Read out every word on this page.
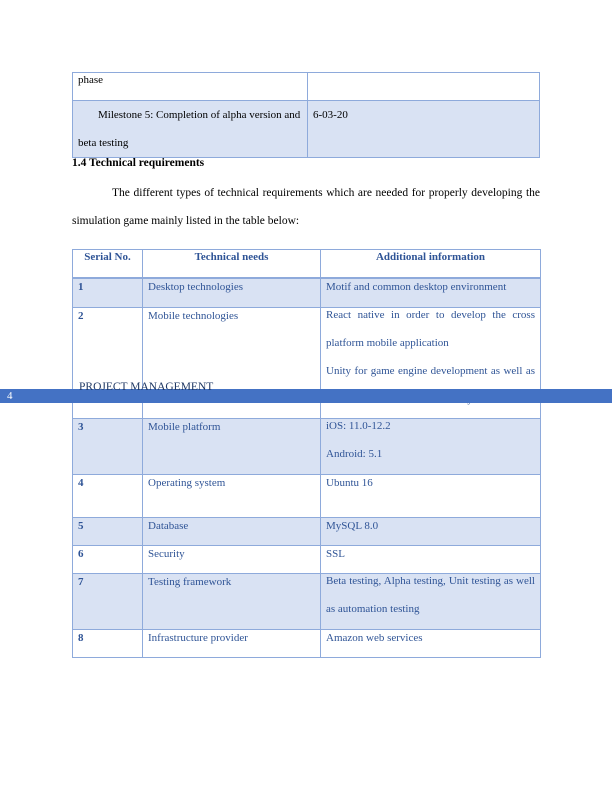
phase	
Milestone 5: Completion of alpha version and beta testing	6-03-20
1.4 Technical requirements

The different types of technical requirements which are needed for properly developing the simulation game mainly listed in the table below:

Serial No.	Technical needs	Additional information
1	Desktop technologies	Motif and common desktop environment
2	Mobile technologies	React native in order to develop the cross platform mobile application
Unity for game engine development as well as

3	Mobile platform	iOS: 11.0-12.2
Android: 5.1

4	Operating system	Ubuntu 16
5	Database	MySQL 8.0
6	Security	SSL
7	Testing framework	Beta testing, Alpha testing, Unit testing as well as automation testing

8	Infrastructure provider	Amazon web services
4
PROJECT MANAGEMENT
